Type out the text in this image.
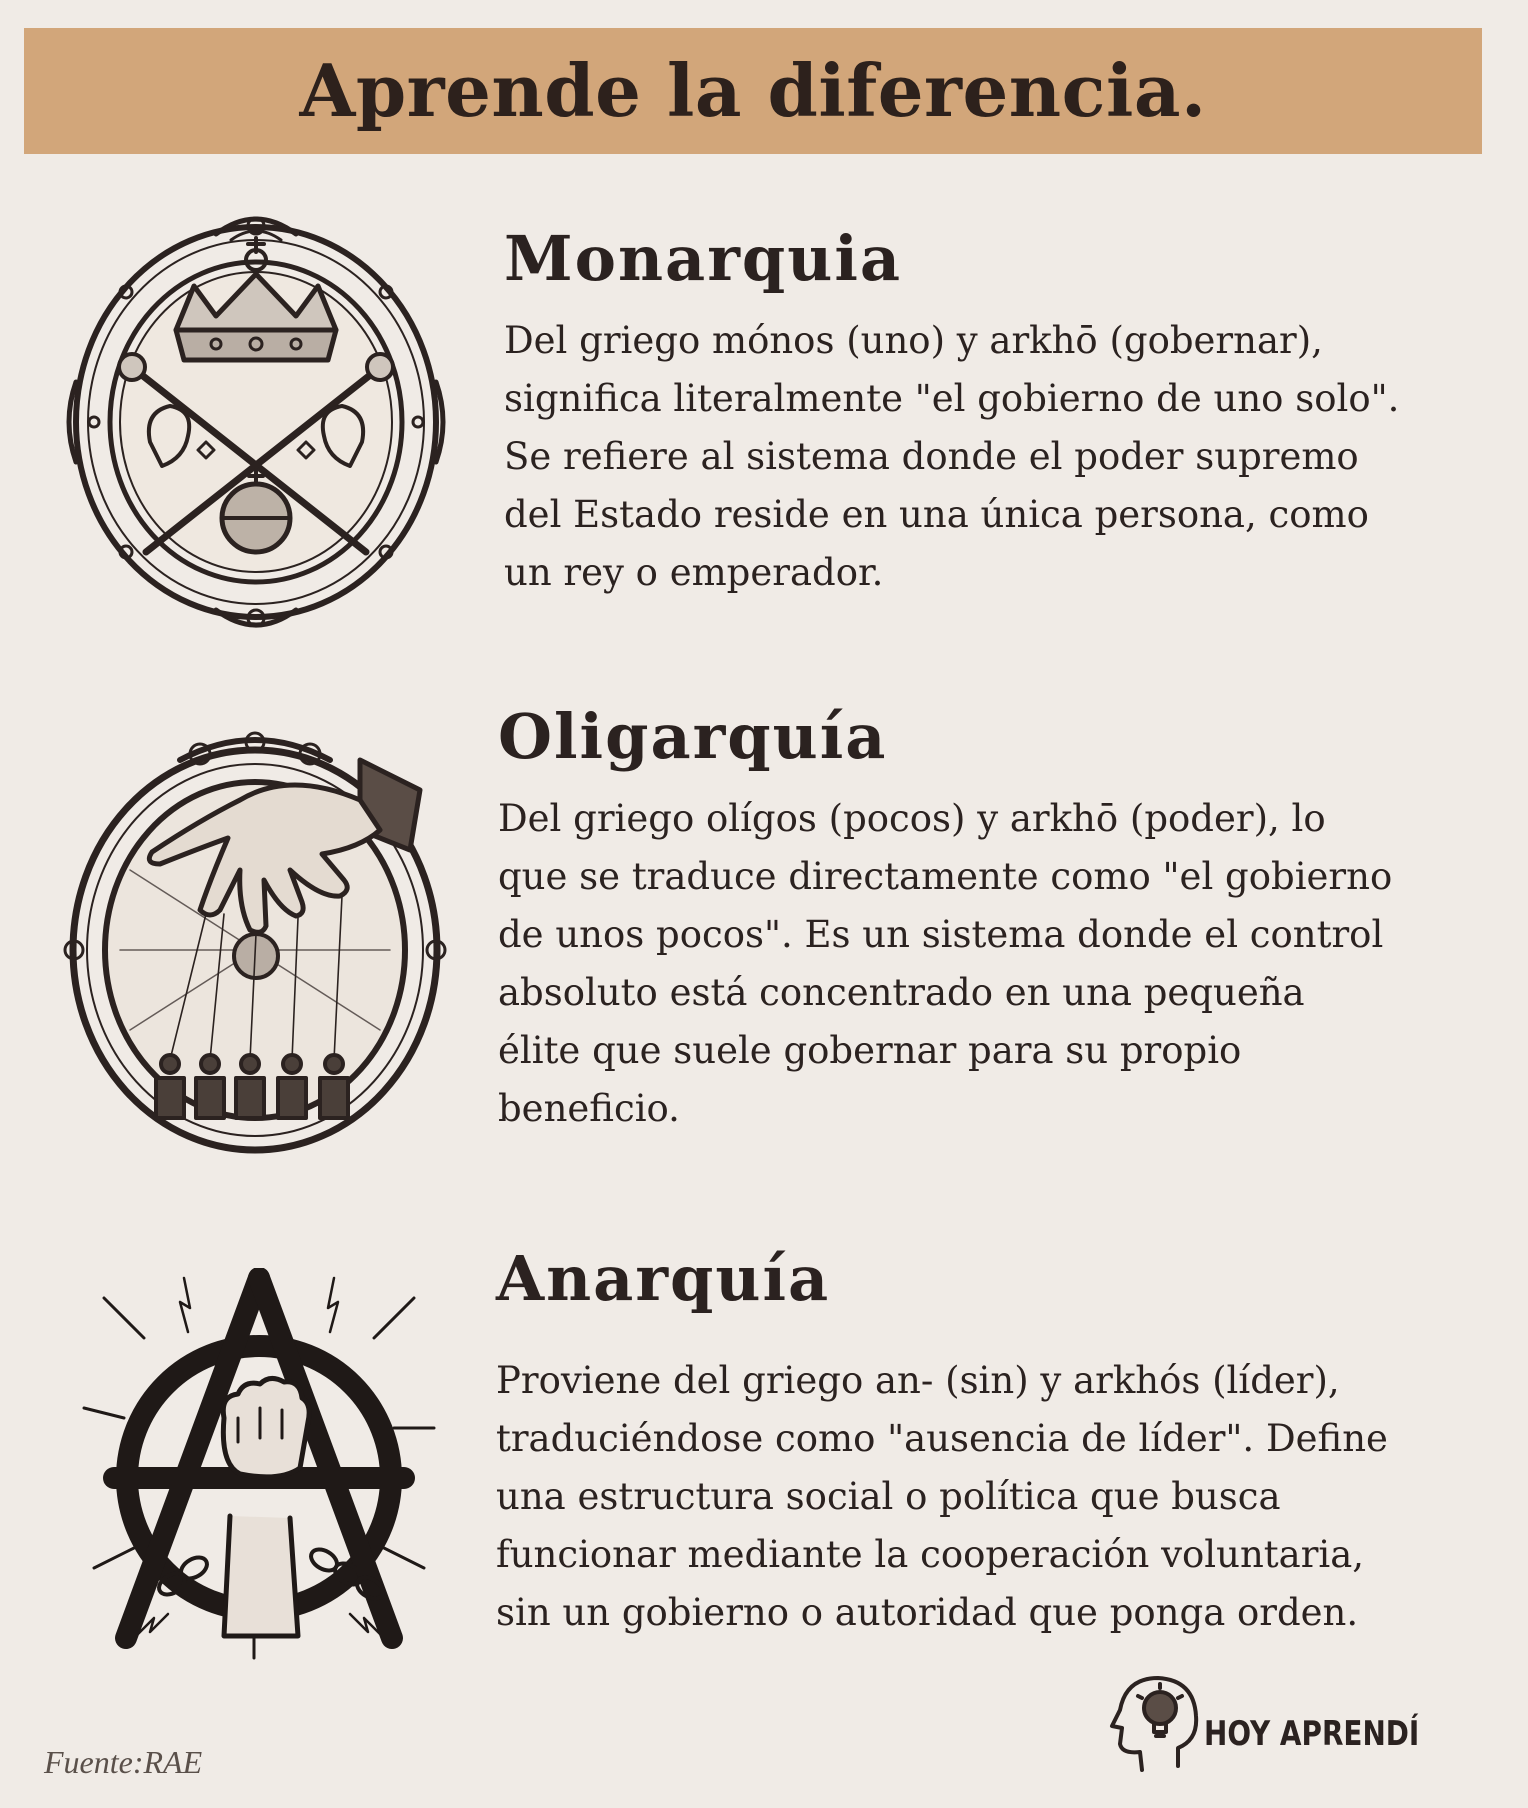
Aprende la diferencia.
Monarquia

Del griego mónos (uno) y arkhō (gobernar), significa literalmente "el gobierno de uno solo". Se refiere al sistema donde el poder supremo del Estado reside en una única persona, como un rey o emperador.

Oligarquía

Del griego olígos (pocos) y arkhō (poder), lo que se traduce directamente como "el gobierno de unos pocos". Es un sistema donde el control absoluto está concentrado en una pequeña élite que suele gobernar para su propio beneficio.

Anarquía

Proviene del griego an- (sin) y arkhós (líder), traduciéndose como "ausencia de líder". Define una estructura social o política que busca funcionar mediante la cooperación voluntaria, sin un gobierno o autoridad que ponga orden.

Fuente:RAE
HOY APRENDÍ
